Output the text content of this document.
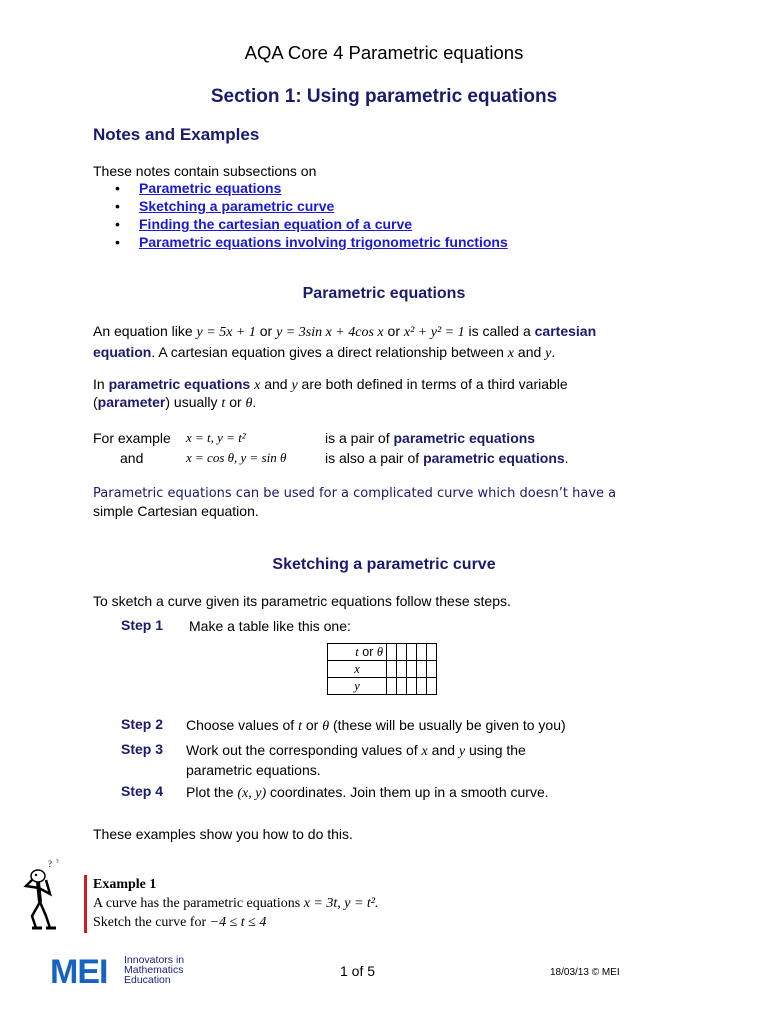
AQA Core 4 Parametric equations
Section 1: Using parametric equations
Notes and Examples
These notes contain subsections on
• Parametric equations
• Sketching a parametric curve
• Finding the cartesian equation of a curve
• Parametric equations involving trigonometric functions
Parametric equations
An equation like y = 5x + 1 or y = 3sin x + 4cos x or x² + y² = 1 is called a cartesian
equation. A cartesian equation gives a direct relationship between x and y.
In parametric equations x and y are both defined in terms of a third variable
(parameter) usually t or θ.
For example x = t, y = t²	is a pair of parametric equations
and	x = cos θ, y = sin θ	is also a pair of parametric equations.
Parametric equations can be used for a complicated curve which doesn’t have a
simple Cartesian equation.
Sketching a parametric curve
To sketch a curve given its parametric equations follow these steps.
Step 1 Make a table like this one:
t or θ					
x					
y					
Step 2 Choose values of t or θ (these will be usually be given to you)
Step 3 Work out the corresponding values of x and y using the
parametric equations.
Step 4 Plot the (x, y) coordinates. Join them up in a smooth curve.
These examples show you how to do this.
? ?
Example 1
A curve has the parametric equations x = 3t, y = t².
Sketch the curve for −4 ≤ t ≤ 4
MEI Innovators in
Mathematics
Education
1 of 5	18/03/13 © MEI
